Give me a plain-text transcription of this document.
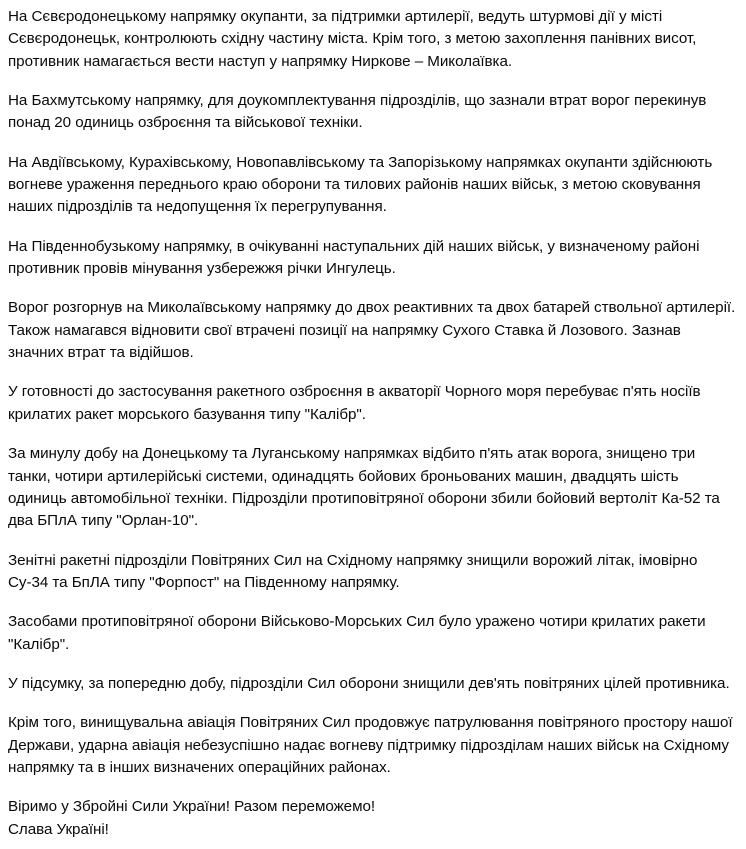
На Сєвєродонецькому напрямку окупанти, за підтримки артилерії, ведуть штурмові дії у місті Сєвєродонецьк, контролюють східну частину міста. Крім того, з метою захоплення панівних висот, противник намагається вести наступ у напрямку Ниркове – Миколаївка.

На Бахмутському напрямку, для доукомплектування підрозділів, що зазнали втрат ворог перекинув понад 20 одиниць озброєння та військової техніки.

На Авдіївському, Курахівському, Новопавлівському та Запорізькому напрямках окупанти здійснюють вогневе ураження переднього краю оборони та тилових районів наших військ, з метою сковування наших підрозділів та недопущення їх перегрупування.

На Південнобузькому напрямку, в очікуванні наступальних дій наших військ, у визначеному районі противник провів мінування узбережжя річки Ингулець.

Ворог розгорнув на Миколаївському напрямку до двох реактивних та двох батарей ствольної артилерії. Також намагався відновити свої втрачені позиції на напрямку Сухого Ставка й Лозового. Зазнав значних втрат та відійшов.

У готовності до застосування ракетного озброєння в акваторії Чорного моря перебуває п'ять носіїв крилатих ракет морського базування типу "Калібр".

За минулу добу на Донецькому та Луганському напрямках відбито п'ять атак ворога, знищено три танки, чотири артилерійські системи, одинадцять бойових броньованих машин, двадцять шість одиниць автомобільної техніки. Підрозділи протиповітряної оборони збили бойовий вертоліт Ка-52 та два БПлА типу "Орлан-10".

Зенітні ракетні підрозділи Повітряних Сил на Східному напрямку знищили ворожий літак, імовірно Су-34 та БпЛА типу "Форпост" на Південному напрямку.

Засобами протиповітряної оборони Військово-Морських Сил було уражено чотири крилатих ракети "Калібр".

У підсумку, за попередню добу, підрозділи Сил оборони знищили дев'ять повітряних цілей противника.

Крім того, винищувальна авіація Повітряних Сил продовжує патрулювання повітряного простору нашої Держави, ударна авіація небезуспішно надає вогневу підтримку підрозділам наших військ на Східному напрямку та в інших визначених операційних районах.

Віримо у Збройні Сили України! Разом переможемо!

Слава Україні!
